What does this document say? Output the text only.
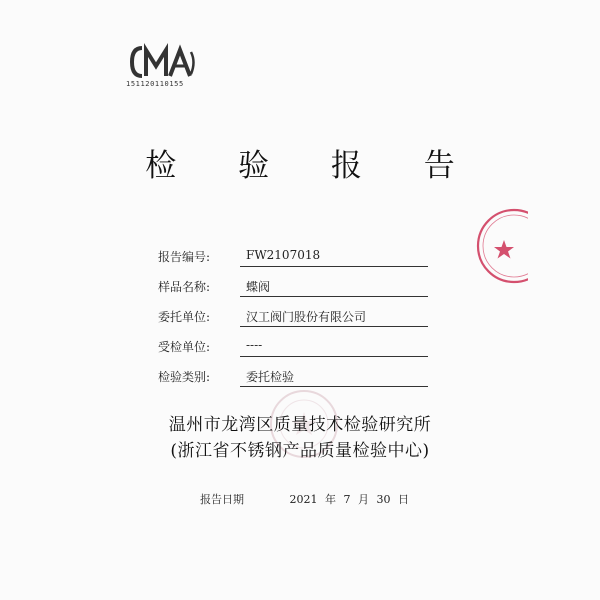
151120110155
检 验 报 告
报告编号:	FW2107018
样品名称:	蝶阀
委托单位:	汉工阀门股份有限公司
受检单位:	----
检验类别:	委托检验
温州市龙湾区质量技术检验研究所
(浙江省不锈钢产品质量检验中心)
报告日期	2021 年 7 月 30 日
